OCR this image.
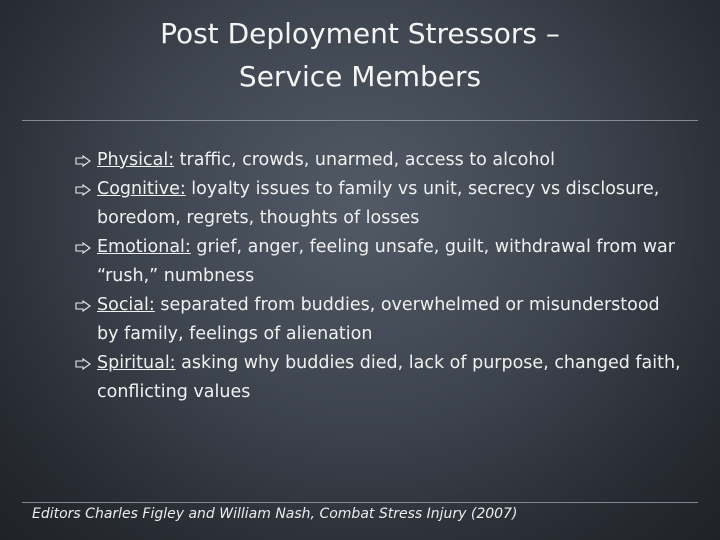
Post Deployment Stressors –
Service Members
Physical: traffic, crowds, unarmed, access to alcohol
Cognitive: loyalty issues to family vs unit, secrecy vs disclosure, boredom, regrets, thoughts of losses
Emotional: grief, anger, feeling unsafe, guilt, withdrawal from war “rush,” numbness
Social: separated from buddies, overwhelmed or misunderstood by family, feelings of alienation
Spiritual: asking why buddies died, lack of purpose, changed faith, conflicting values
Editors Charles Figley and William Nash, Combat Stress Injury (2007)
